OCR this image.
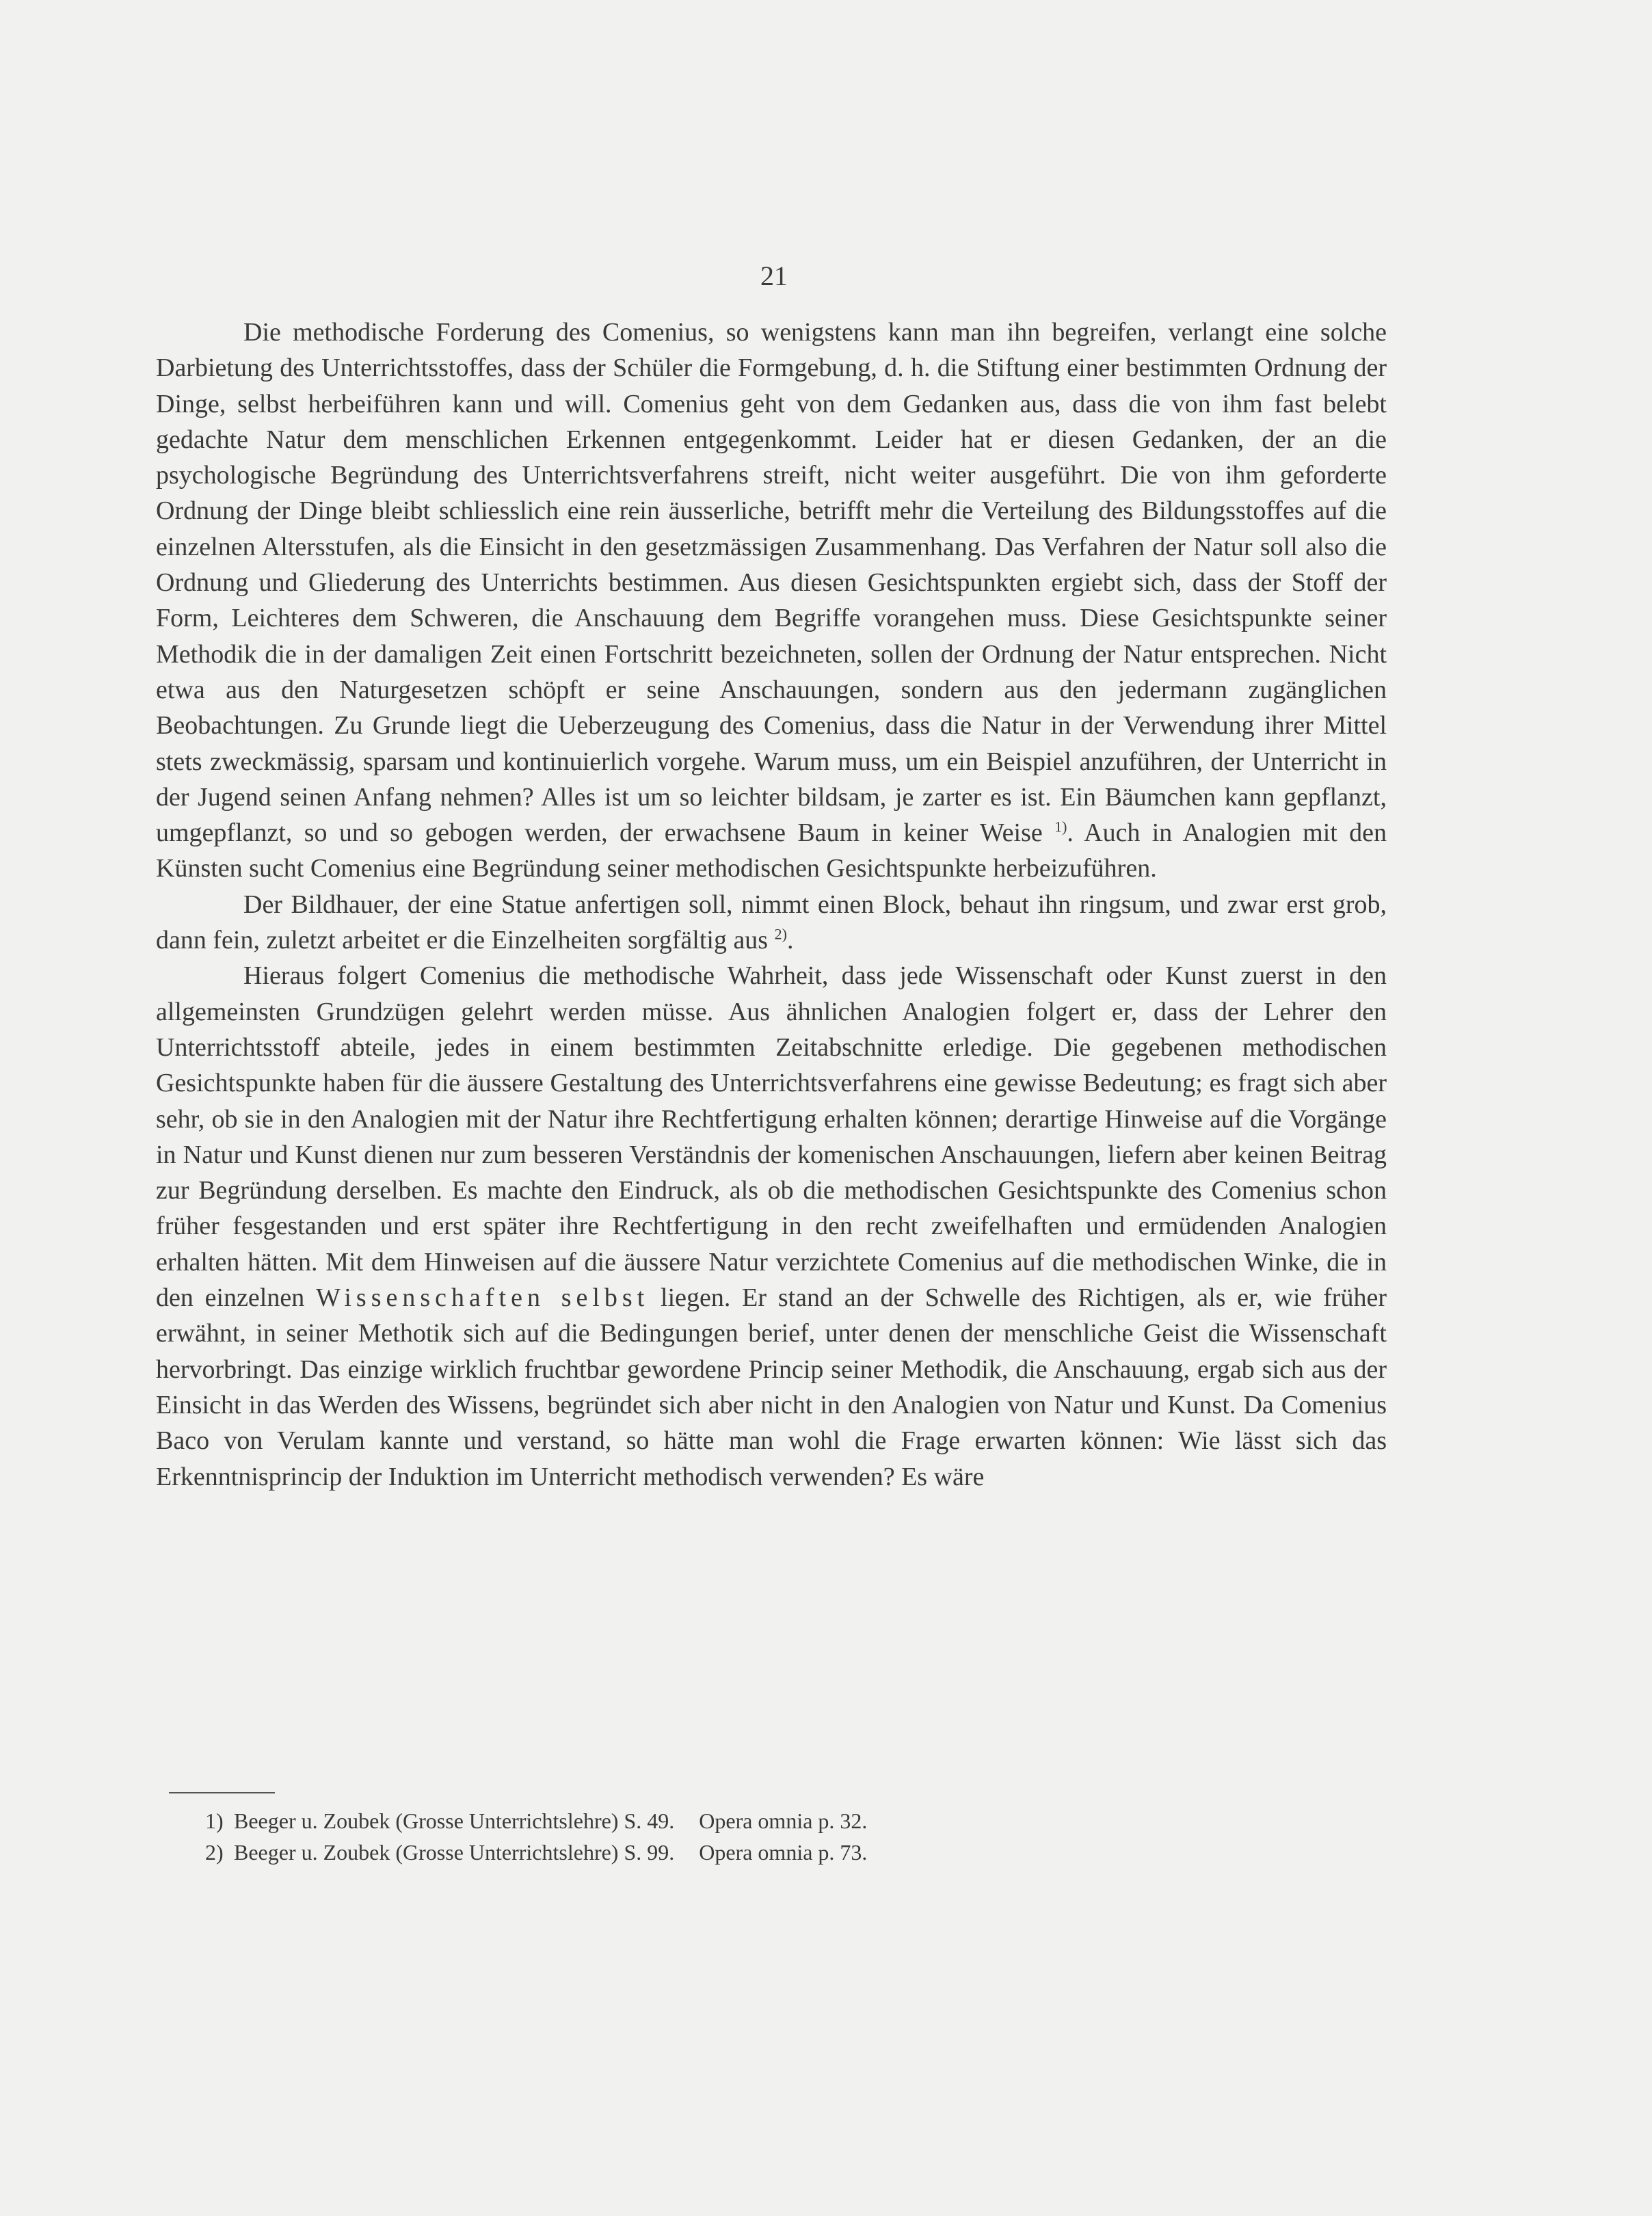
21

Die methodische Forderung des Comenius, so wenigstens kann man ihn begreifen, verlangt eine solche Darbietung des Unterrichtsstoffes, dass der Schüler die Formgebung, d. h. die Stiftung einer bestimmten Ordnung der Dinge, selbst herbeiführen kann und will. Comenius geht von dem Gedanken aus, dass die von ihm fast belebt gedachte Natur dem menschlichen Erkennen entgegenkommt. Leider hat er diesen Gedanken, der an die psychologische Begründung des Unterrichtsverfahrens streift, nicht weiter ausgeführt. Die von ihm geforderte Ordnung der Dinge bleibt schliesslich eine rein äusserliche, betrifft mehr die Verteilung des Bildungsstoffes auf die einzelnen Altersstufen, als die Einsicht in den gesetzmässigen Zusammenhang. Das Verfahren der Natur soll also die Ordnung und Gliederung des Unterrichts bestimmen. Aus diesen Gesichtspunkten ergiebt sich, dass der Stoff der Form, Leichteres dem Schweren, die Anschauung dem Begriffe vorangehen muss. Diese Gesichtspunkte seiner Methodik die in der damaligen Zeit einen Fortschritt bezeichneten, sollen der Ordnung der Natur entsprechen. Nicht etwa aus den Naturgesetzen schöpft er seine Anschauungen, sondern aus den jedermann zugänglichen Beobachtungen. Zu Grunde liegt die Ueberzeugung des Comenius, dass die Natur in der Verwendung ihrer Mittel stets zweckmässig, sparsam und kontinuierlich vorgehe. Warum muss, um ein Beispiel anzuführen, der Unterricht in der Jugend seinen Anfang nehmen? Alles ist um so leichter bildsam, je zarter es ist. Ein Bäumchen kann gepflanzt, umgepflanzt, so und so gebogen werden, der erwachsene Baum in keiner Weise $^{1)}$. Auch in Analogien mit den Künsten sucht Comenius eine Begründung seiner methodischen Gesichtspunkte herbeizuführen.

Der Bildhauer, der eine Statue anfertigen soll, nimmt einen Block, behaut ihn ringsum, und zwar erst grob, dann fein, zuletzt arbeitet er die Einzelheiten sorgfältig aus $^{2)}$.

Hieraus folgert Comenius die methodische Wahrheit, dass jede Wissenschaft oder Kunst zuerst in den allgemeinsten Grundzügen gelehrt werden müsse. Aus ähnlichen Analogien folgert er, dass der Lehrer den Unterrichtsstoff abteile, jedes in einem bestimmten Zeitabschnitte erledige. Die gegebenen methodischen Gesichtspunkte haben für die äussere Gestaltung des Unterrichtsverfahrens eine gewisse Bedeutung; es fragt sich aber sehr, ob sie in den Analogien mit der Natur ihre Rechtfertigung erhalten können; derartige Hinweise auf die Vorgänge in Natur und Kunst dienen nur zum besseren Verständnis der komenischen Anschauungen, liefern aber keinen Beitrag zur Begründung derselben. Es machte den Eindruck, als ob die methodischen Gesichtspunkte des Comenius schon früher fesgestanden und erst später ihre Rechtfertigung in den recht zweifelhaften und ermüdenden Analogien erhalten hätten. Mit dem Hinweisen auf die äussere Natur verzichtete Comenius auf die methodischen Winke, die in den einzelnen Wissenschaften selbst liegen. Er stand an der Schwelle des Richtigen, als er, wie früher erwähnt, in seiner Methotik sich auf die Bedingungen berief, unter denen der menschliche Geist die Wissenschaft hervorbringt. Das einzige wirklich fruchtbar gewordene Princip seiner Methodik, die Anschauung, ergab sich aus der Einsicht in das Werden des Wissens, begründet sich aber nicht in den Analogien von Natur und Kunst. Da Comenius Baco von Verulam kannte und verstand, so hätte man wohl die Frage erwarten können: Wie lässt sich das Erkenntnisprincip der Induktion im Unterricht methodisch verwenden? Es wäre

1) Beeger u. Zoubek (Grosse Unterrichtslehre) S. 49. Opera omnia p. 32.
2) Beeger u. Zoubek (Grosse Unterrichtslehre) S. 99. Opera omnia p. 73.
